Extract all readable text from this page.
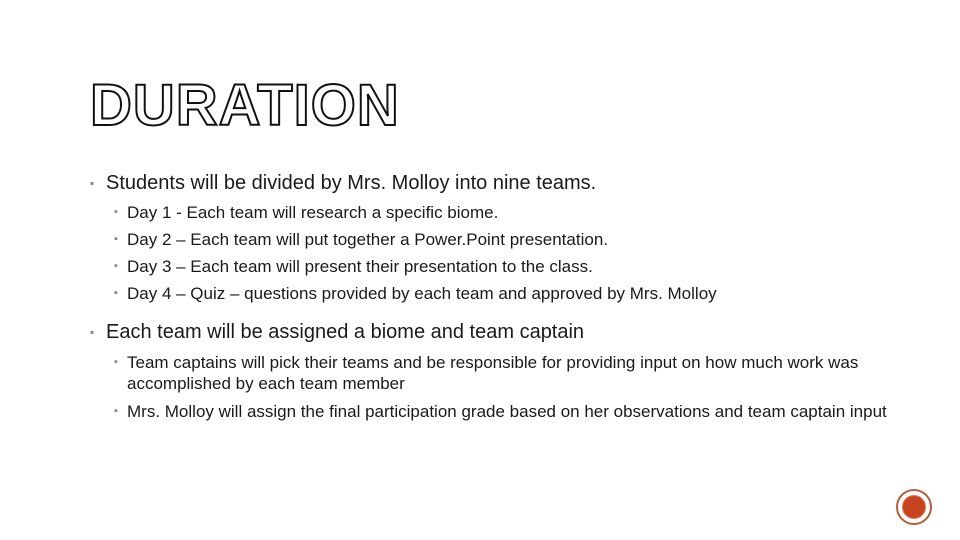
DURATION
▪ Students will be divided by Mrs. Molloy into nine teams.
▪ Day 1 - Each team will research a specific biome.
▪ Day 2 – Each team will put together a Power.Point presentation.
▪ Day 3 – Each team will present their presentation to the class.
▪ Day 4 – Quiz – questions provided by each team and approved by Mrs. Molloy
▪ Each team will be assigned a biome and team captain
▪ Team captains will pick their teams and be responsible for providing input on how much work was accomplished by each team member
▪ Mrs. Molloy will assign the final participation grade based on her observations and team captain input
